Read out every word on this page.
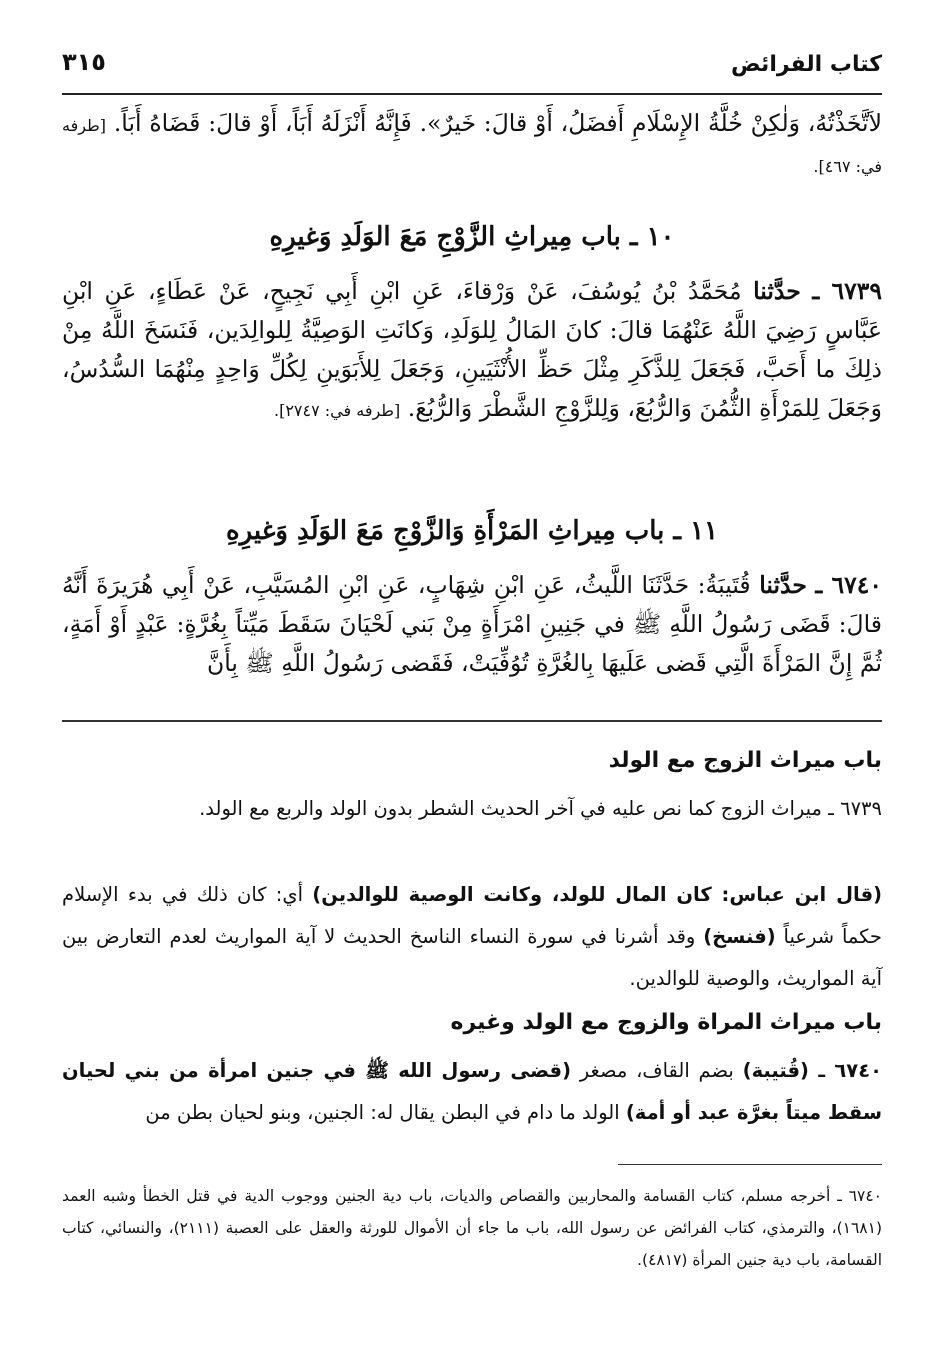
كتاب الفرائض
٣١٥
لاَتَّخَذْتُهُ، وَلٰكِنْ خُلَّةُ الإِسْلَامِ أَفضَلُ، أَوْ قالَ: خَيرٌ». فَإِنَّهُ أَنْزَلَهُ أَبَاً، أَوْ قالَ: قَضَاهُ أَبَاً. [طرفه في: ٤٦٧].
١٠ ـ باب مِيراثِ الزَّوْجِ مَعَ الوَلَدِ وَغيرِهِ
٦٧٣٩ ـ حدَّثنا مُحَمَّدُ بْنُ يُوسُفَ، عَنْ وَرْقاءَ، عَنِ ابْنِ أَبِي نَجِيحٍ، عَنْ عَطَاءٍ، عَنِ ابْنِ عَبَّاسٍ رَضِيَ اللَّهُ عَنْهُمَا قالَ: كانَ المَالُ لِلوَلَدِ، وَكانَتِ الوَصِيَّةُ لِلوالِدَين، فَنَسَخَ اللَّهُ مِنْ ذلِكَ ما أَحَبَّ، فَجَعَلَ لِلذَّكَرِ مِثْلَ حَظِّ الأُنْثَيَينِ، وَجَعَلَ لِلأَبَوَينِ لِكُلِّ وَاحِدٍ مِنْهُمَا السُّدُسُ، وَجَعَلَ لِلمَرْأَةِ الثُّمُنَ وَالرُّبُعَ، وَلِلزَّوْجِ الشَّطْرَ وَالرُّبُعَ. [طرفه في: ٢٧٤٧].
١١ ـ باب مِيراثِ المَرْأَةِ وَالزَّوْجِ مَعَ الوَلَدِ وَغيرِهِ
٦٧٤٠ ـ حدَّثنا قُتَيبَةُ: حَدَّثَنَا اللَّيثُ، عَنِ ابْنِ شِهَابٍ، عَنِ ابْنِ المُسَيَّبِ، عَنْ أَبِي هُرَيرَةَ أَنَّهُ قالَ: قَضَى رَسُولُ اللَّهِ ﷺ في جَنِينِ امْرَأَةٍ مِنْ بَني لَحْيَانَ سَقَطَ مَيِّتاً بِغُرَّةٍ: عَبْدٍ أَوْ أَمَةٍ، ثُمَّ إِنَّ المَرْأَةَ الَّتِي قَضى عَلَيهَا بِالغُرَّةِ تُوُفِّيَتْ، فَقَضى رَسُولُ اللَّهِ ﷺ بِأَنَّ
باب ميراث الزوج مع الولد
٦٧٣٩ ـ ميراث الزوج كما نص عليه في آخر الحديث الشطر بدون الولد والربع مع الولد.
(قال ابن عباس: كان المال للولد، وكانت الوصية للوالدين) أي: كان ذلك في بدء الإسلام حكماً شرعياً (فنسخ) وقد أشرنا في سورة النساء الناسخ الحديث لا آية المواريث لعدم التعارض بين آية المواريث، والوصية للوالدين.
باب ميراث المراة والزوج مع الولد وغيره
٦٧٤٠ ـ (قُتيبة) بضم القاف، مصغر (قضى رسول الله ﷺ في جنين امرأة من بني لحيان سقط ميتاً بغرَّة عبد أو أمة) الولد ما دام في البطن يقال له: الجنين، وبنو لحيان بطن من
٦٧٤٠ ـ أخرجه مسلم، كتاب القسامة والمحاربين والقصاص والديات، باب دية الجنين ووجوب الدية في قتل الخطأ وشبه العمد (١٦٨١)، والترمذي، كتاب الفرائض عن رسول الله، باب ما جاء أن الأموال للورثة والعقل على العصبة (٢١١١)، والنسائي، كتاب القسامة، باب دية جنين المرأة (٤٨١٧).
